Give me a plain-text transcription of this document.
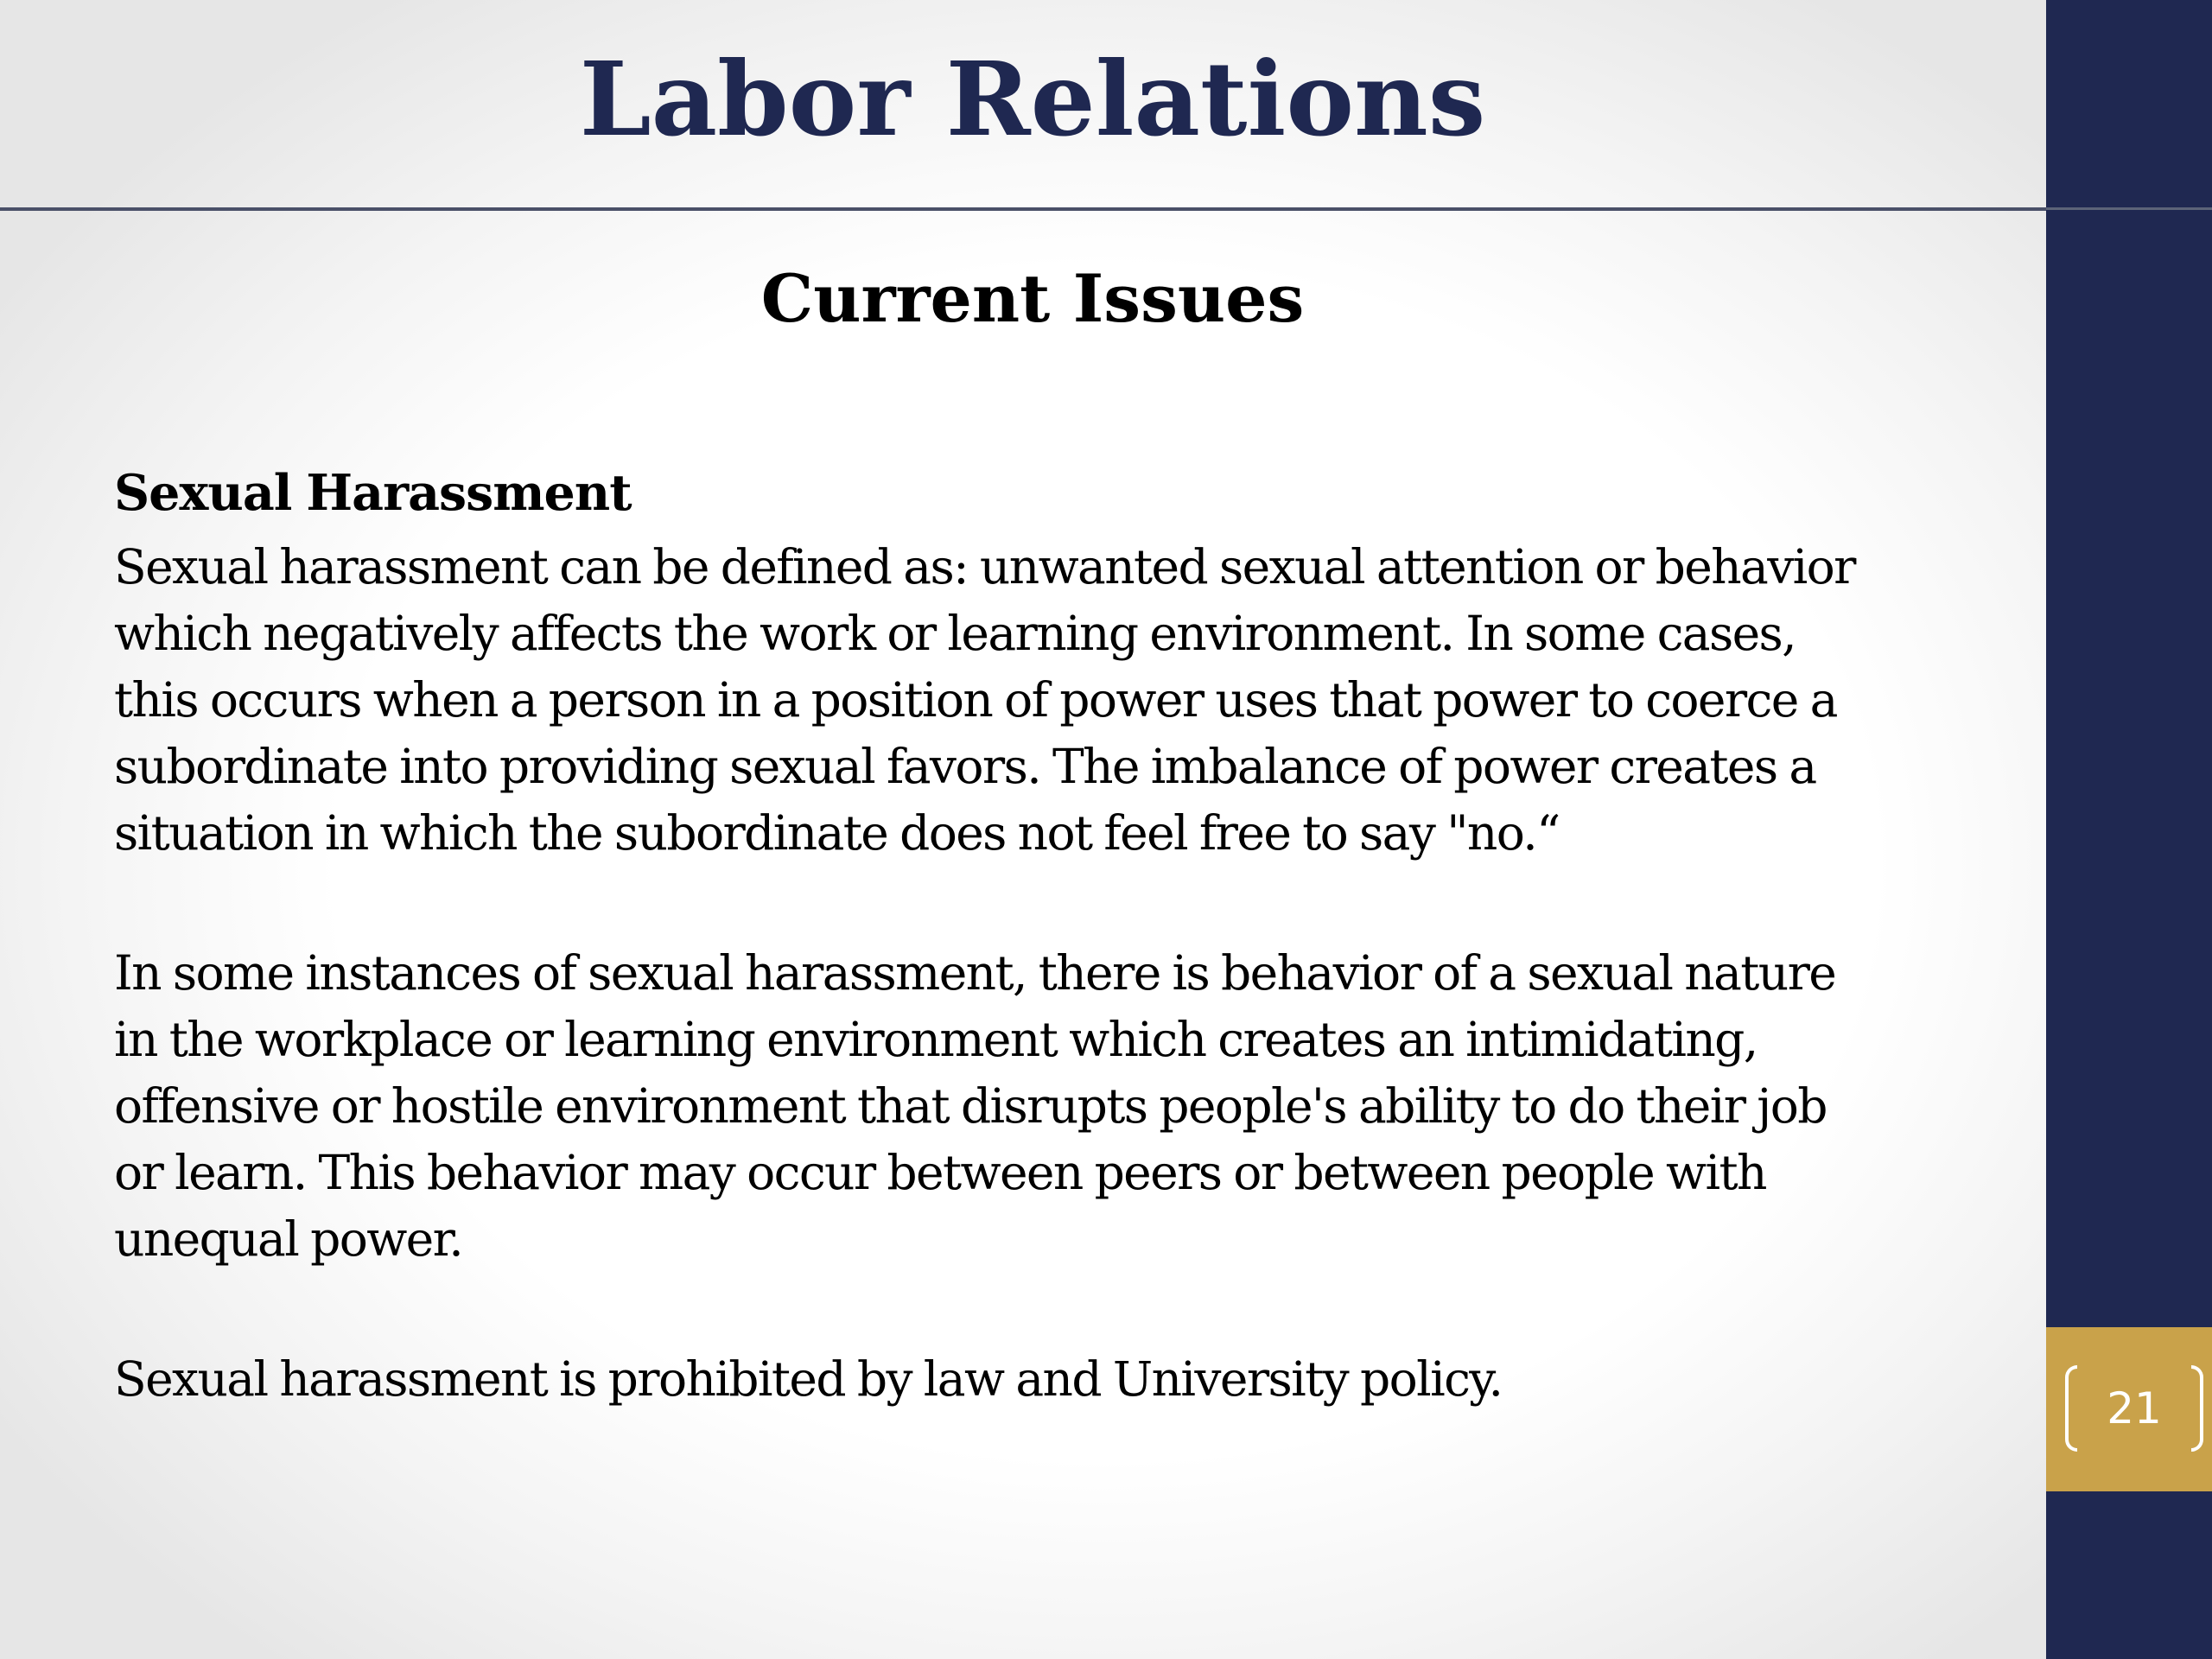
Labor Relations
21
Current Issues
Sexual Harassment

Sexual harassment can be defined as: unwanted sexual attention or behavior
which negatively affects the work or learning environment. In some cases,
this occurs when a person in a position of power uses that power to coerce a
subordinate into providing sexual favors. The imbalance of power creates a
situation in which the subordinate does not feel free to say "no.“

In some instances of sexual harassment, there is behavior of a sexual nature
in the workplace or learning environment which creates an intimidating,
offensive or hostile environment that disrupts people's ability to do their job
or learn. This behavior may occur between peers or between people with
unequal power.

Sexual harassment is prohibited by law and University policy.
